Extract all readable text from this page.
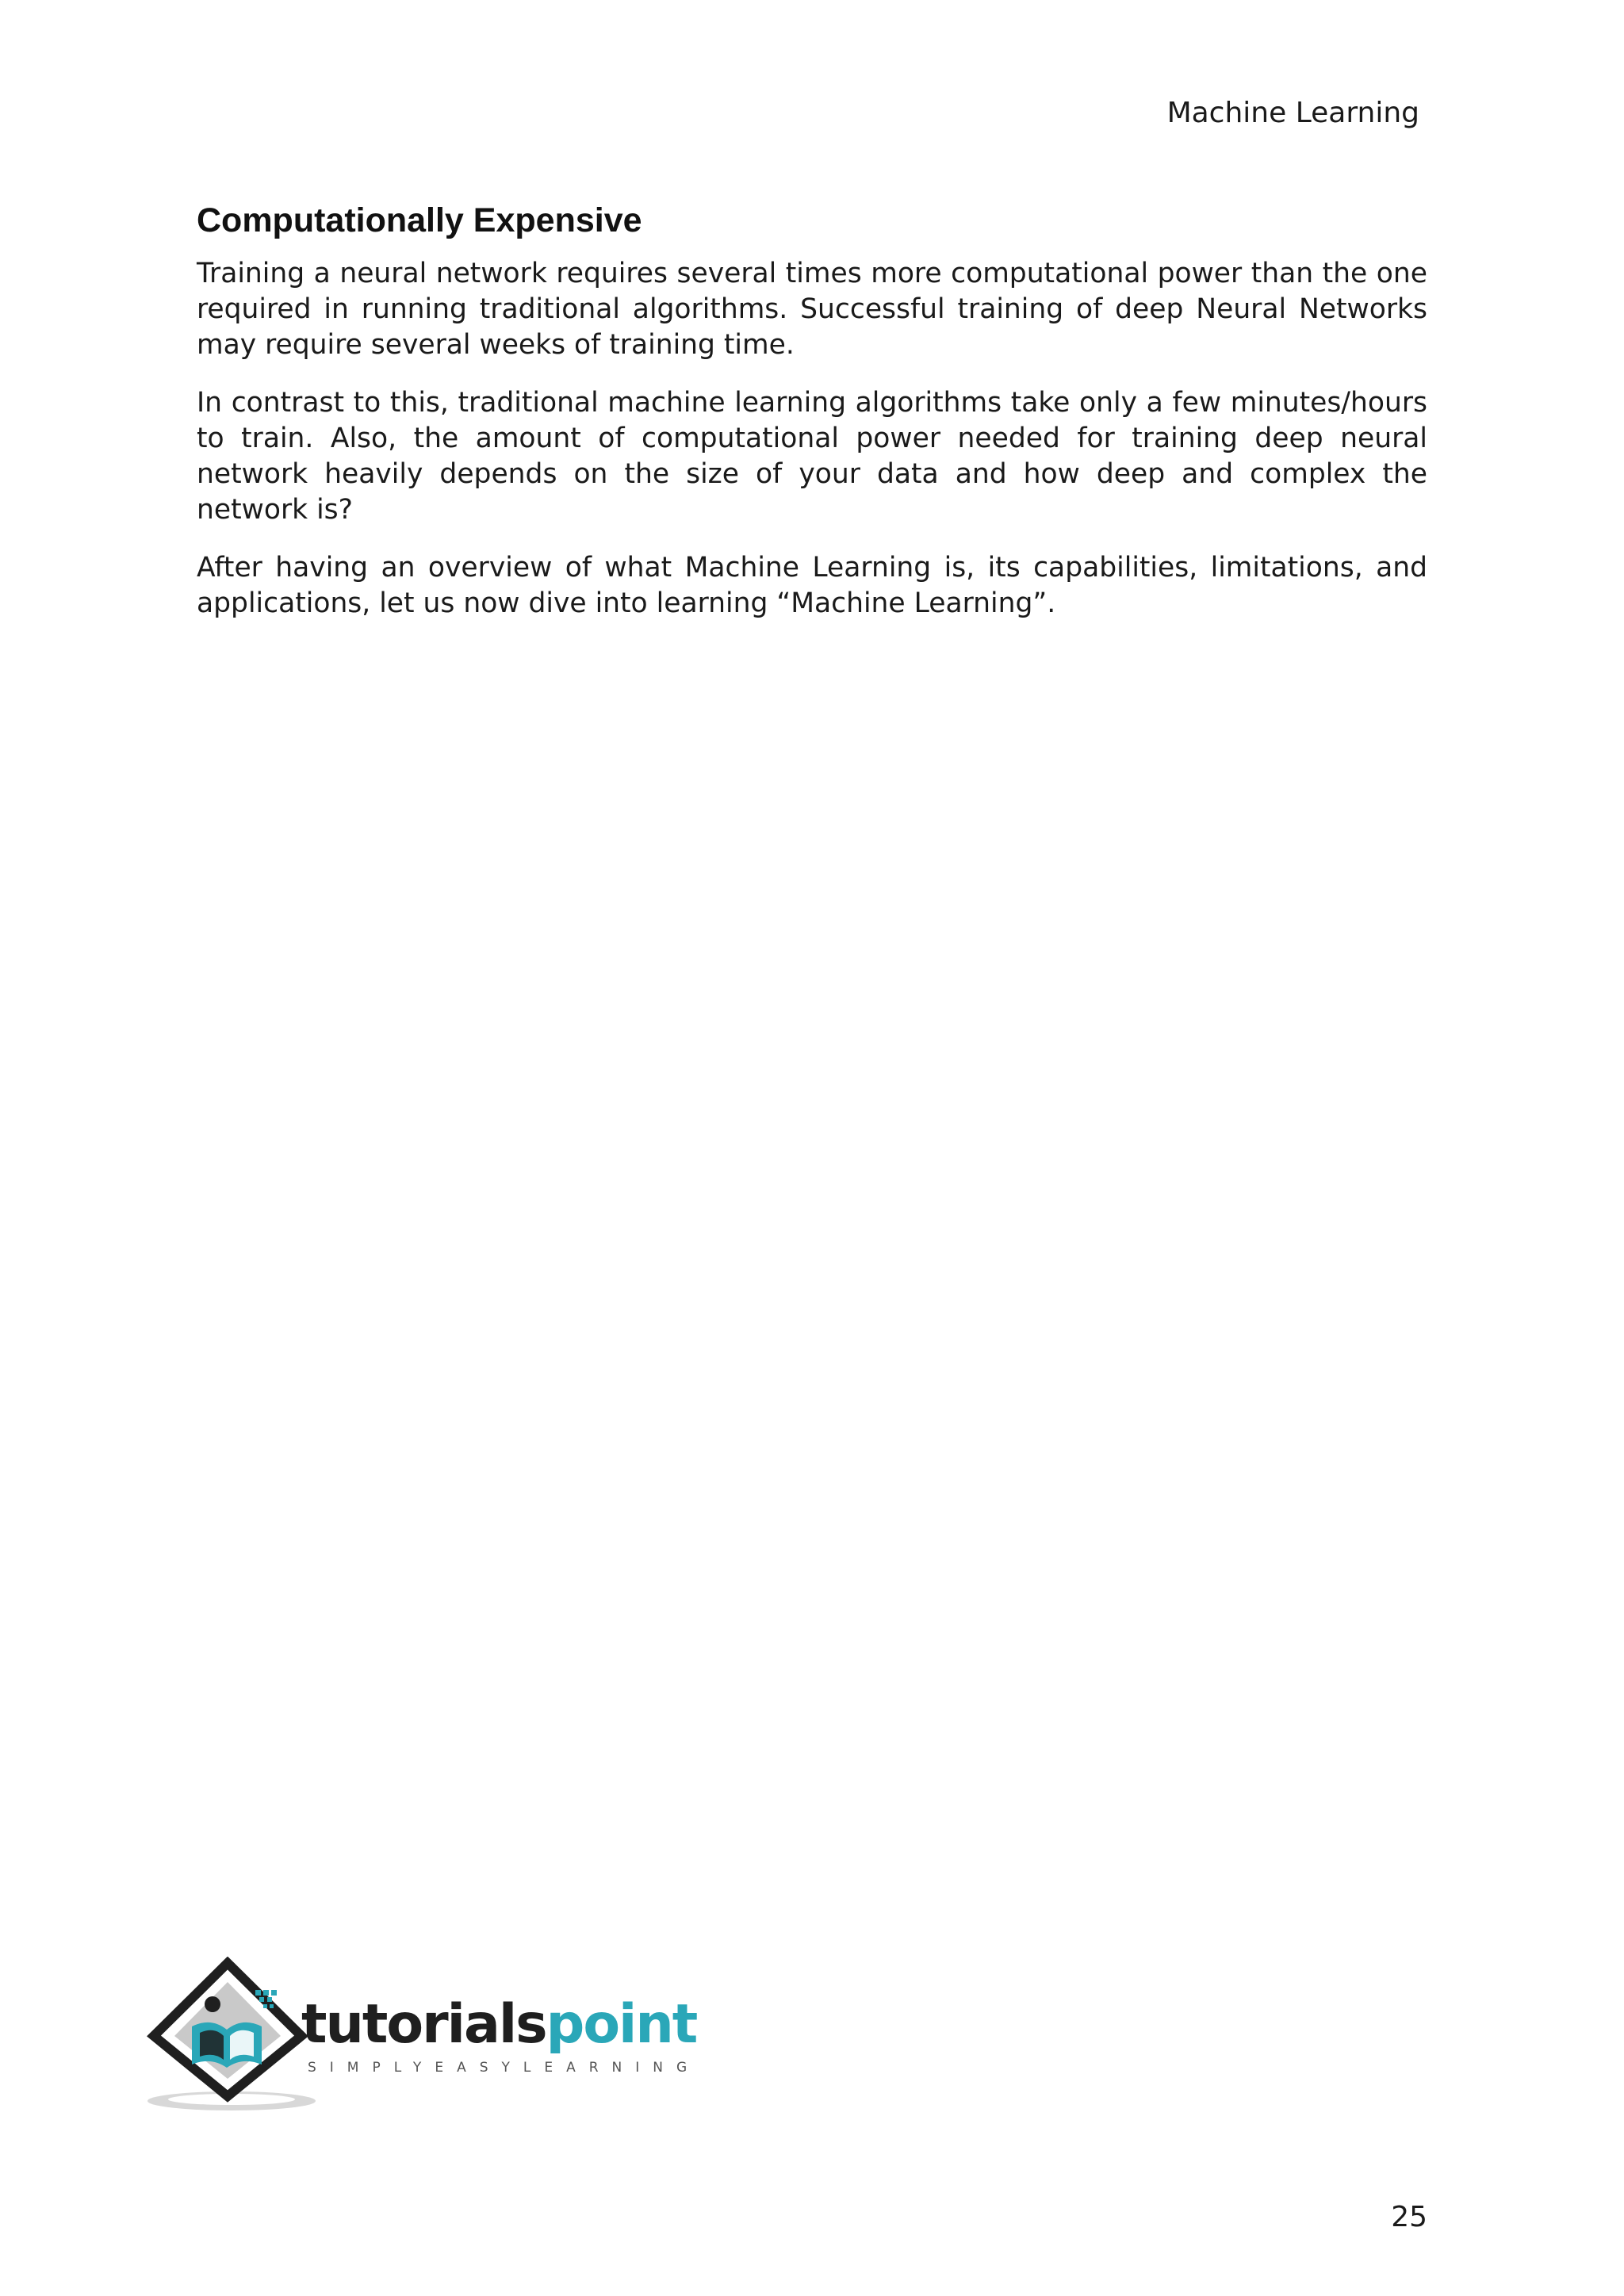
Machine Learning
Computationally Expensive

Training a neural network requires several times more computational power than the one required in running traditional algorithms. Successful training of deep Neural Networks may require several weeks of training time.

In contrast to this, traditional machine learning algorithms take only a few minutes/hours to train. Also, the amount of computational power needed for training deep neural network heavily depends on the size of your data and how deep and complex the network is?

After having an overview of what Machine Learning is, its capabilities, limitations, and applications, let us now dive into learning “Machine Learning”.

tutorialspoint
SIMPLYEASYLEARNING
25
